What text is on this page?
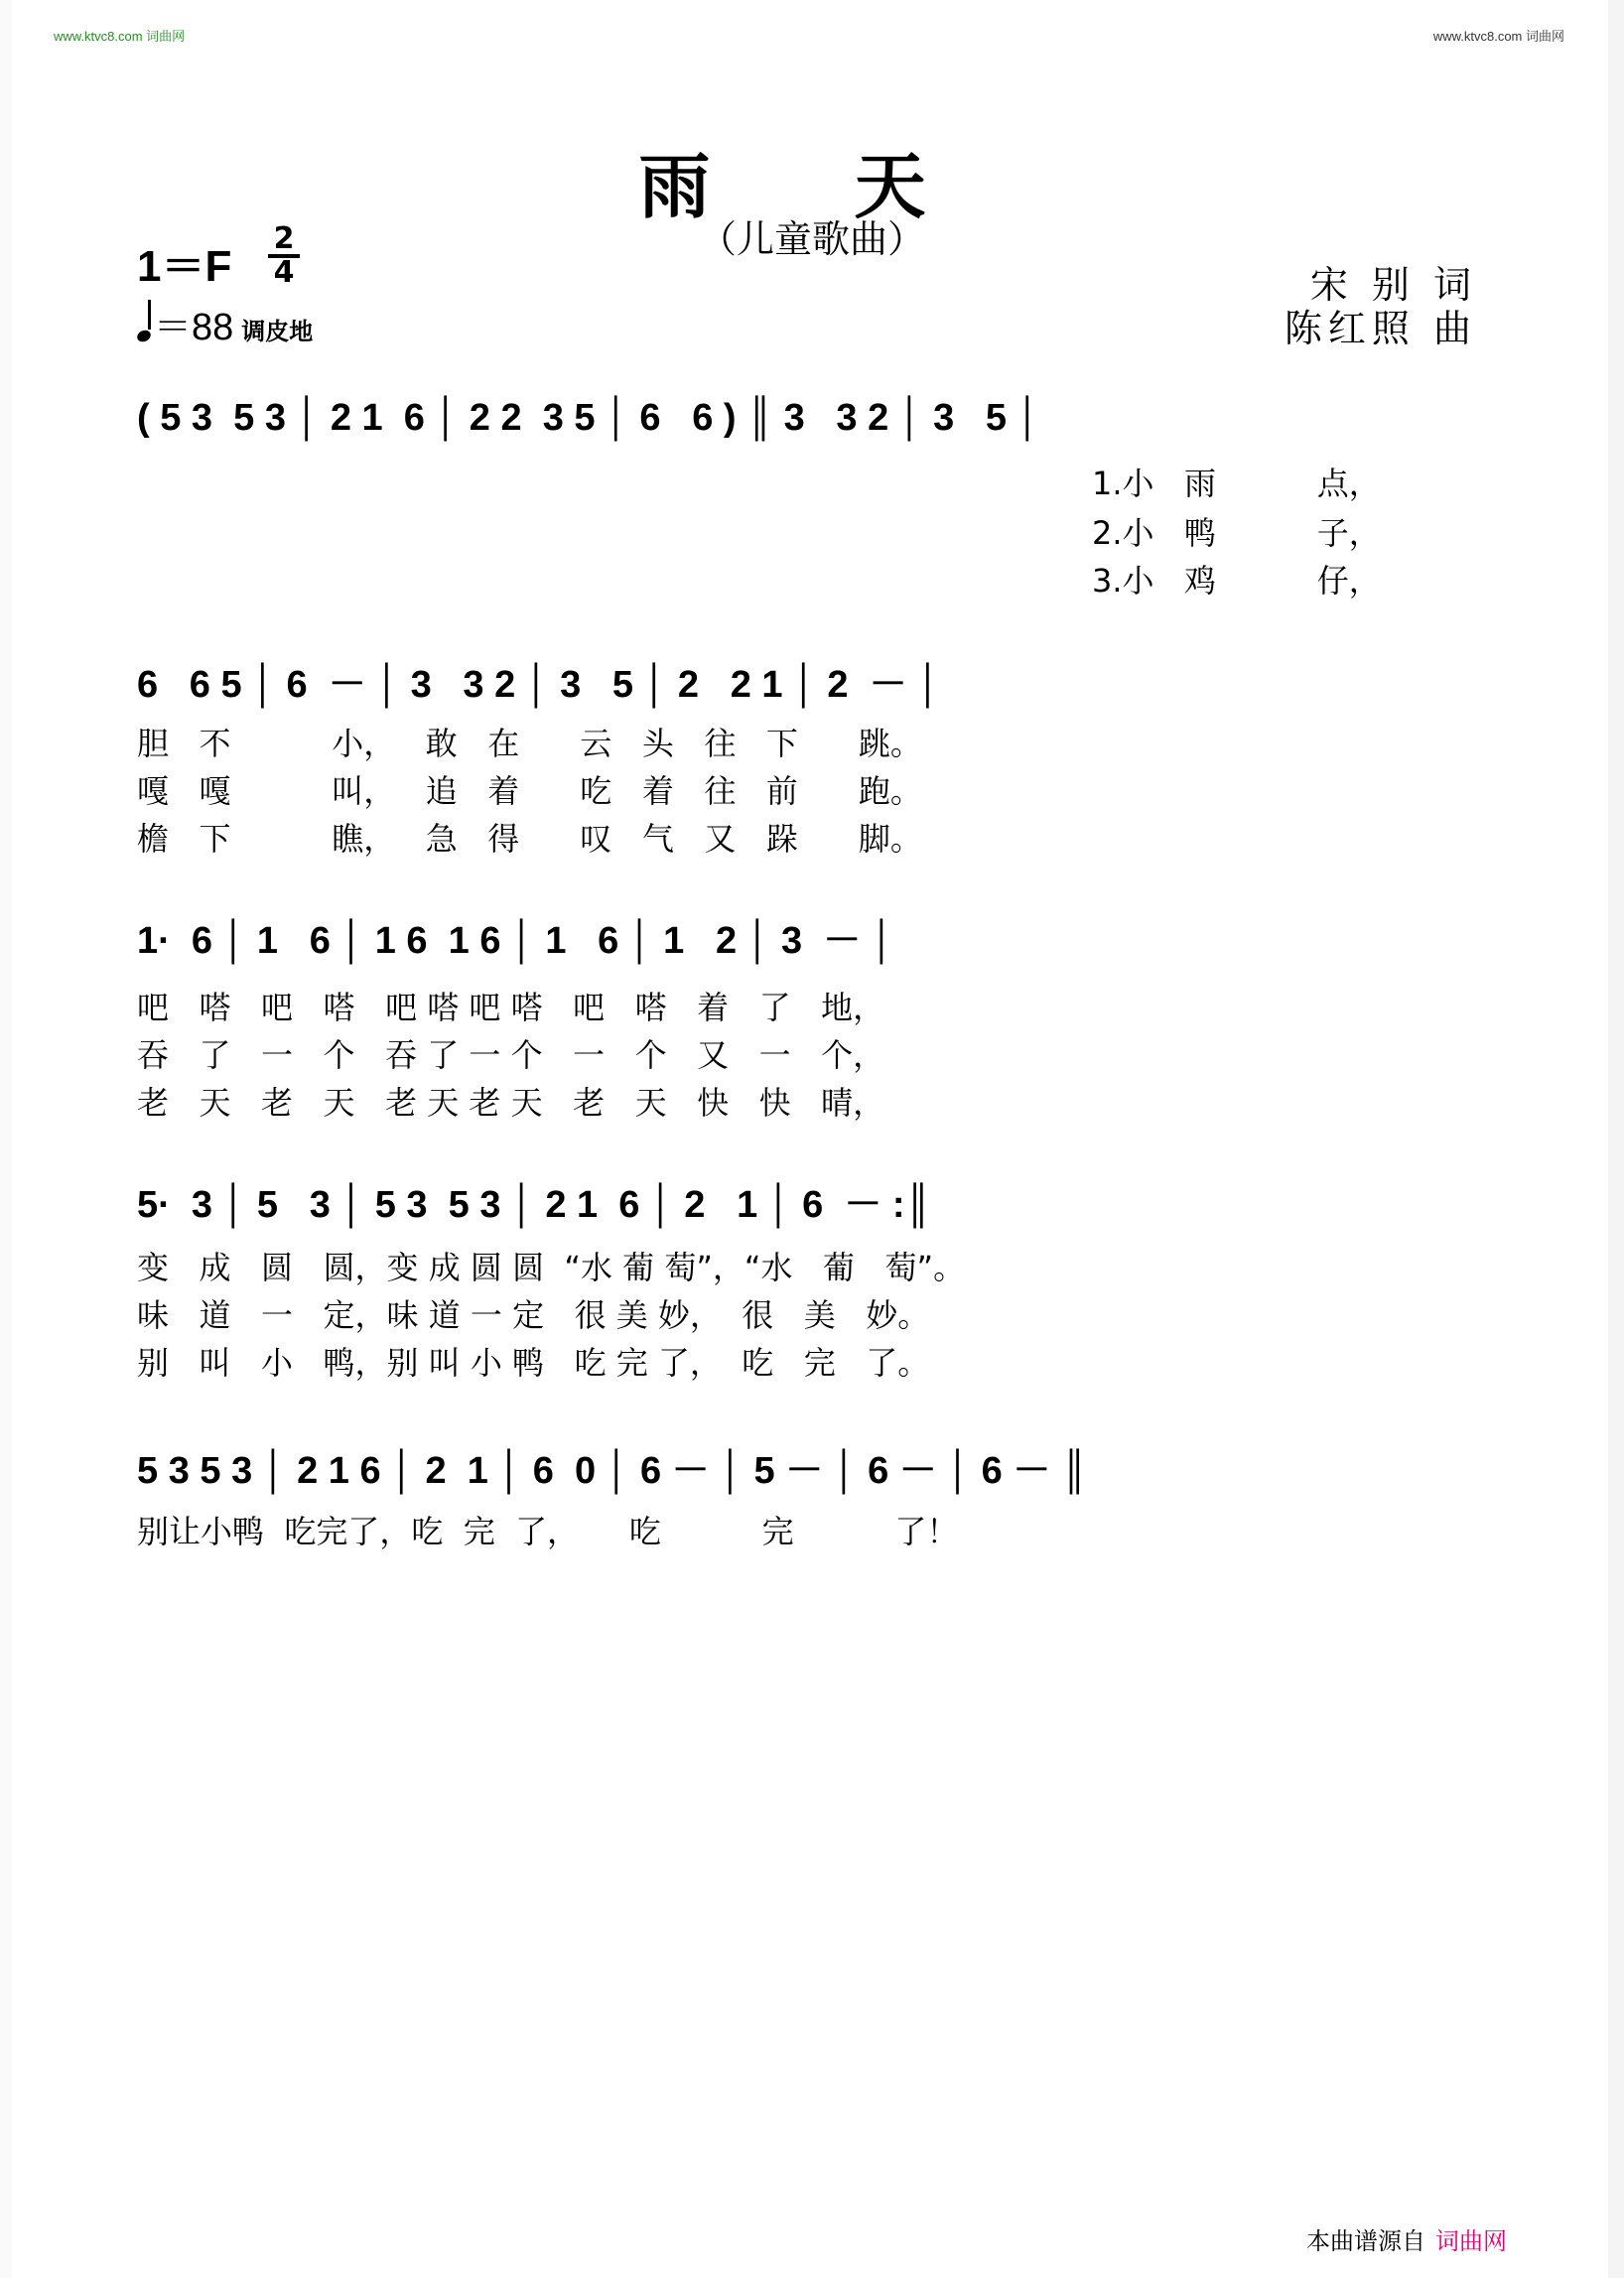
www.ktvc8.com 词曲网	www.ktvc8.com 词曲网
雨 天
（儿童歌曲）
1＝F
2
4
＝88 调皮地
宋 别 词
陈红照 曲
( 5 3  5 3 │ 2 1  6 │ 2 2  3 5 │ 6   6 ) ║ 3   3 2 │ 3   5 │
1.小   雨          点，
2.小   鸭          子，
3.小   鸡          仔，
6   6 5 │ 6  － │ 3   3 2 │ 3   5 │ 2   2 1 │ 2  － │
胆   不          小，   敢   在      云   头   往   下      跳。
嘎   嘎          叫，   追   着      吃   着   往   前      跑。
檐   下          瞧，   急   得      叹   气   又   跺      脚。
1·  6 │ 1   6 │ 1 6  1 6 │ 1   6 │ 1   2 │ 3  － │
吧   嗒   吧   嗒   吧 嗒 吧 嗒   吧   嗒   着   了   地，
吞   了   一   个   吞 了 一 个   一   个   又   一   个，
老   天   老   天   老 天 老 天   老   天   快   快   晴，
5·  3 │ 5   3 │ 5 3  5 3 │ 2 1  6 │ 2   1 │ 6  － :║
变   成   圆   圆，变 成 圆 圆  “水 葡 萄”，“水   葡   萄”。
味   道   一   定，味 道 一 定   很 美 妙，  很   美   妙。
别   叫   小   鸭，别 叫 小 鸭   吃 完 了，  吃   完   了。
5 3 5 3 │ 2 1 6 │ 2  1 │ 6  0 │ 6 － │ 5 － │ 6 － │ 6 － ║
别让小鸭  吃完了，吃  完  了，     吃          完          了！
本曲谱源自 词曲网
